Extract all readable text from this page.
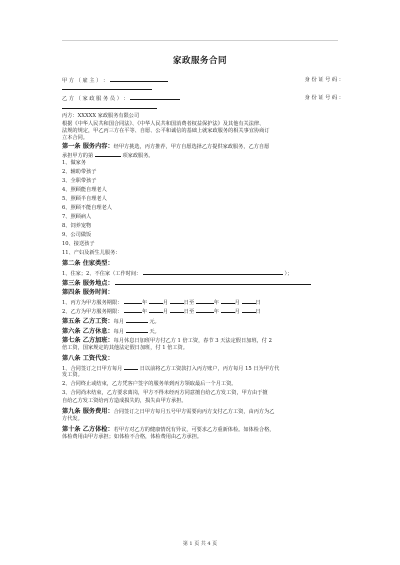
家政服务合同
甲 方 （ 雇 主 ） ：	身 份 证 号 码 ：
乙 方 （ 家 政 服 务 员 ） ：	身 份 证 号 码 ：
丙方：XXXXX 家政服务有限公司
根据《中华人民共和国合同法》、《中华人民共和国消费者权益保护法》及其他有关法律、
法规的规定，甲乙丙三方在平等、自愿、公平和诚信的基础上就家政服务的相关事宜协商订
立本合同。
第一条 服务内容：经甲方挑选，丙方推荐，甲方自愿选择乙方提供家政服务，乙方自愿
承担甲方的第	项家政服务。
1、做家务
2、辅助带孩子
3、全职带孩子
4、照顾能自理老人
5、照顾半自理老人
6、照顾不能自理老人
7、照顾病人
8、饲养宠物
9、公司做饭
10、接送孩子
11、产妇及新生儿服务：
第二条 住家类型：
1、住家；2、不住家（工作时间：	）；
第三条 服务地点：
第四条 服务时间：
1、丙方为甲方服务期限：	年	月	日至	年	月	日
2、乙方为甲方服务期限：	年	月	日至	年	月	日
第五条 乙方工资：每月	元。
第六条 乙方休息：每月	天。
第七条 乙方加班：每月休息日加班甲方付乙方 1 倍工资，春节 3 天法定假日加班，付 2
倍工资，国家规定的其他法定假日加班，付 1 倍工资。
第八条 工资代发：
1、合同签订之日甲方每月	日以前将乙方工资款打入丙方账户，丙方每月 15 日为甲方代
发工资。
2、合同终止或结束，乙方凭客户签字的服务单到丙方领取最后一个月工资。
3、合同尚未结束，乙方要求离岗，甲方不得未经丙方同意擅自给乙方发工资，甲方由于擅
自给乙方发工资给丙方造成损失的，损失由甲方承担。
第九条 服务费用：合同签订之日甲方每月五号甲方需要向丙方支付乙方工资，由丙方为乙
方代发。
第十条 乙方体检：若甲方对乙方的健康情况有异议，可要求乙方重新体检。如体检合格，
体检费用由甲方承担；如体检不合格，体检费用由乙方承担。
第 1 页 共 4 页
